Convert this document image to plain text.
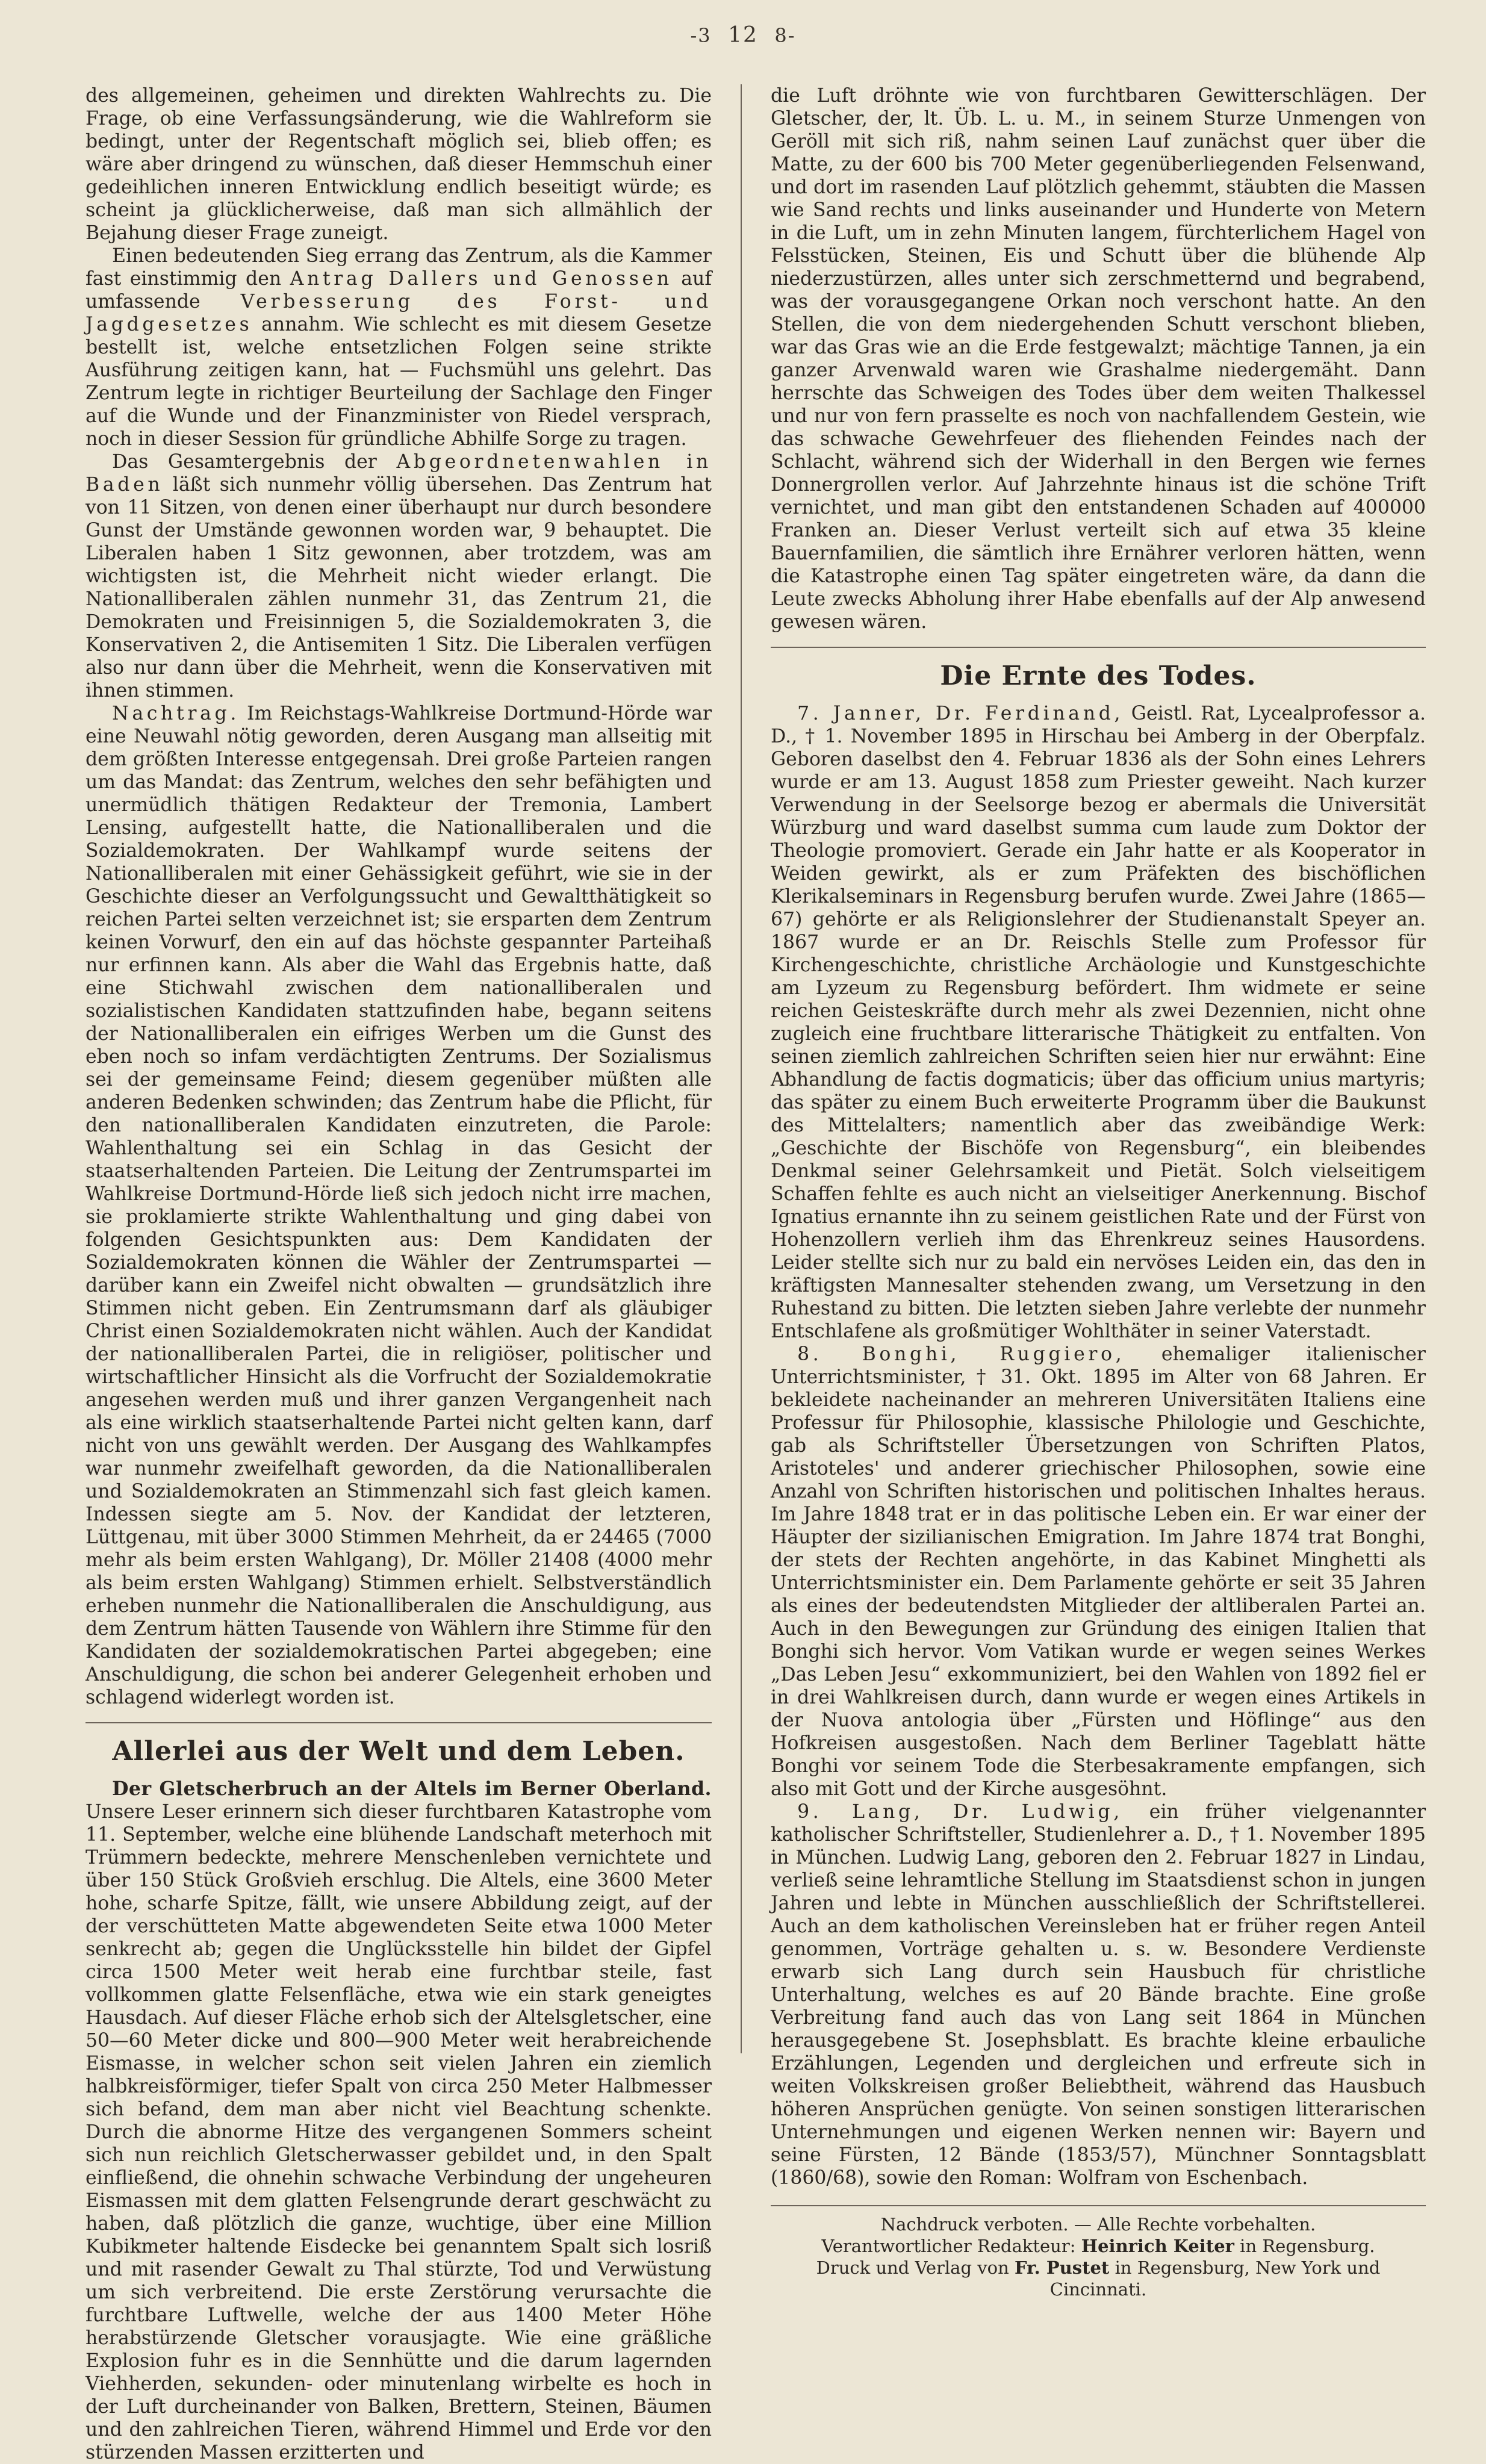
-3 12 8-

des allgemeinen, geheimen und direkten Wahlrechts zu. Die Frage, ob eine Verfassungsänderung, wie die Wahlreform sie bedingt, unter der Regentschaft möglich sei, blieb offen; es wäre aber dringend zu wünschen, daß dieser Hemmschuh einer gedeihlichen inneren Entwicklung endlich beseitigt würde; es scheint ja glücklicherweise, daß man sich allmählich der Bejahung dieser Frage zuneigt.

Einen bedeutenden Sieg errang das Zentrum, als die Kammer fast einstimmig den Antrag Dallers und Genossen auf umfassende Verbesserung des Forst- und Jagdgesetzes annahm. Wie schlecht es mit diesem Gesetze bestellt ist, welche entsetzlichen Folgen seine strikte Ausführung zeitigen kann, hat — Fuchsmühl uns gelehrt. Das Zentrum legte in richtiger Beurteilung der Sachlage den Finger auf die Wunde und der Finanzminister von Riedel versprach, noch in dieser Session für gründliche Abhilfe Sorge zu tragen.

Das Gesamtergebnis der Abgeordnetenwahlen in Baden läßt sich nunmehr völlig übersehen. Das Zentrum hat von 11 Sitzen, von denen einer überhaupt nur durch besondere Gunst der Umstände gewonnen worden war, 9 behauptet. Die Liberalen haben 1 Sitz gewonnen, aber trotzdem, was am wichtigsten ist, die Mehrheit nicht wieder erlangt. Die Nationalliberalen zählen nunmehr 31, das Zentrum 21, die Demokraten und Freisinnigen 5, die Sozialdemokraten 3, die Konservativen 2, die Antisemiten 1 Sitz. Die Liberalen verfügen also nur dann über die Mehrheit, wenn die Konservativen mit ihnen stimmen.

Nachtrag. Im Reichstags-Wahlkreise Dortmund-Hörde war eine Neuwahl nötig geworden, deren Ausgang man allseitig mit dem größten Interesse entgegensah. Drei große Parteien rangen um das Mandat: das Zentrum, welches den sehr befähigten und unermüdlich thätigen Redakteur der Tremonia, Lambert Lensing, aufgestellt hatte, die Nationalliberalen und die Sozialdemokraten. Der Wahlkampf wurde seitens der Nationalliberalen mit einer Gehässigkeit geführt, wie sie in der Geschichte dieser an Verfolgungssucht und Gewaltthätigkeit so reichen Partei selten verzeichnet ist; sie ersparten dem Zentrum keinen Vorwurf, den ein auf das höchste gespannter Parteihaß nur erfinnen kann. Als aber die Wahl das Ergebnis hatte, daß eine Stichwahl zwischen dem nationalliberalen und sozialistischen Kandidaten stattzufinden habe, begann seitens der Nationalliberalen ein eifriges Werben um die Gunst des eben noch so infam verdächtigten Zentrums. Der Sozialismus sei der gemeinsame Feind; diesem gegenüber müßten alle anderen Bedenken schwinden; das Zentrum habe die Pflicht, für den nationalliberalen Kandidaten einzutreten, die Parole: Wahlenthaltung sei ein Schlag in das Gesicht der staatserhaltenden Parteien. Die Leitung der Zentrumspartei im Wahlkreise Dortmund-Hörde ließ sich jedoch nicht irre machen, sie proklamierte strikte Wahlenthaltung und ging dabei von folgenden Gesichtspunkten aus: Dem Kandidaten der Sozialdemokraten können die Wähler der Zentrumspartei — darüber kann ein Zweifel nicht obwalten — grundsätzlich ihre Stimmen nicht geben. Ein Zentrumsmann darf als gläubiger Christ einen Sozialdemokraten nicht wählen. Auch der Kandidat der nationalliberalen Partei, die in religiöser, politischer und wirtschaftlicher Hinsicht als die Vorfrucht der Sozialdemokratie angesehen werden muß und ihrer ganzen Vergangenheit nach als eine wirklich staatserhaltende Partei nicht gelten kann, darf nicht von uns gewählt werden. Der Ausgang des Wahlkampfes war nunmehr zweifelhaft geworden, da die Nationalliberalen und Sozialdemokraten an Stimmenzahl sich fast gleich kamen. Indessen siegte am 5. Nov. der Kandidat der letzteren, Lüttgenau, mit über 3000 Stimmen Mehrheit, da er 24465 (7000 mehr als beim ersten Wahlgang), Dr. Möller 21408 (4000 mehr als beim ersten Wahlgang) Stimmen erhielt. Selbstverständlich erheben nunmehr die Nationalliberalen die Anschuldigung, aus dem Zentrum hätten Tausende von Wählern ihre Stimme für den Kandidaten der sozialdemokratischen Partei abgegeben; eine Anschuldigung, die schon bei anderer Gelegenheit erhoben und schlagend widerlegt worden ist.

Allerlei aus der Welt und dem Leben.

Der Gletscherbruch an der Altels im Berner Oberland. Unsere Leser erinnern sich dieser furchtbaren Katastrophe vom 11. September, welche eine blühende Landschaft meterhoch mit Trümmern bedeckte, mehrere Menschenleben vernichtete und über 150 Stück Großvieh erschlug. Die Altels, eine 3600 Meter hohe, scharfe Spitze, fällt, wie unsere Abbildung zeigt, auf der der verschütteten Matte abgewendeten Seite etwa 1000 Meter senkrecht ab; gegen die Unglücksstelle hin bildet der Gipfel circa 1500 Meter weit herab eine furchtbar steile, fast vollkommen glatte Felsenfläche, etwa wie ein stark geneigtes Hausdach. Auf dieser Fläche erhob sich der Altelsgletscher, eine 50—60 Meter dicke und 800—900 Meter weit herabreichende Eismasse, in welcher schon seit vielen Jahren ein ziemlich halbkreisförmiger, tiefer Spalt von circa 250 Meter Halbmesser sich befand, dem man aber nicht viel Beachtung schenkte. Durch die abnorme Hitze des vergangenen Sommers scheint sich nun reichlich Gletscherwasser gebildet und, in den Spalt einfließend, die ohnehin schwache Verbindung der ungeheuren Eismassen mit dem glatten Felsengrunde derart geschwächt zu haben, daß plötzlich die ganze, wuchtige, über eine Million Kubikmeter haltende Eisdecke bei genanntem Spalt sich losriß und mit rasender Gewalt zu Thal stürzte, Tod und Verwüstung um sich verbreitend. Die erste Zerstörung verursachte die furchtbare Luftwelle, welche der aus 1400 Meter Höhe herabstürzende Gletscher vorausjagte. Wie eine gräßliche Explosion fuhr es in die Sennhütte und die darum lagernden Viehherden, sekunden- oder minutenlang wirbelte es hoch in der Luft durcheinander von Balken, Brettern, Steinen, Bäumen und den zahlreichen Tieren, während Himmel und Erde vor den stürzenden Massen erzitterten und

die Luft dröhnte wie von furchtbaren Gewitterschlägen. Der Gletscher, der, lt. Üb. L. u. M., in seinem Sturze Unmengen von Geröll mit sich riß, nahm seinen Lauf zunächst quer über die Matte, zu der 600 bis 700 Meter gegenüberliegenden Felsenwand, und dort im rasenden Lauf plötzlich gehemmt, stäubten die Massen wie Sand rechts und links auseinander und Hunderte von Metern in die Luft, um in zehn Minuten langem, fürchterlichem Hagel von Felsstücken, Steinen, Eis und Schutt über die blühende Alp niederzustürzen, alles unter sich zerschmetternd und begrabend, was der vorausgegangene Orkan noch verschont hatte. An den Stellen, die von dem niedergehenden Schutt verschont blieben, war das Gras wie an die Erde festgewalzt; mächtige Tannen, ja ein ganzer Arvenwald waren wie Grashalme niedergemäht. Dann herrschte das Schweigen des Todes über dem weiten Thalkessel und nur von fern prasselte es noch von nachfallendem Gestein, wie das schwache Gewehrfeuer des fliehenden Feindes nach der Schlacht, während sich der Widerhall in den Bergen wie fernes Donnergrollen verlor. Auf Jahrzehnte hinaus ist die schöne Trift vernichtet, und man gibt den entstandenen Schaden auf 400000 Franken an. Dieser Verlust verteilt sich auf etwa 35 kleine Bauernfamilien, die sämtlich ihre Ernährer verloren hätten, wenn die Katastrophe einen Tag später eingetreten wäre, da dann die Leute zwecks Abholung ihrer Habe ebenfalls auf der Alp anwesend gewesen wären.

Die Ernte des Todes.

7. Janner, Dr. Ferdinand, Geistl. Rat, Lycealprofessor a. D., † 1. November 1895 in Hirschau bei Amberg in der Oberpfalz. Geboren daselbst den 4. Februar 1836 als der Sohn eines Lehrers wurde er am 13. August 1858 zum Priester geweiht. Nach kurzer Verwendung in der Seelsorge bezog er abermals die Universität Würzburg und ward daselbst summa cum laude zum Doktor der Theologie promoviert. Gerade ein Jahr hatte er als Kooperator in Weiden gewirkt, als er zum Präfekten des bischöflichen Klerikalseminars in Regensburg berufen wurde. Zwei Jahre (1865—67) gehörte er als Religionslehrer der Studienanstalt Speyer an. 1867 wurde er an Dr. Reischls Stelle zum Professor für Kirchengeschichte, christliche Archäologie und Kunstgeschichte am Lyzeum zu Regensburg befördert. Ihm widmete er seine reichen Geisteskräfte durch mehr als zwei Dezennien, nicht ohne zugleich eine fruchtbare litterarische Thätigkeit zu entfalten. Von seinen ziemlich zahlreichen Schriften seien hier nur erwähnt: Eine Abhandlung de factis dogmaticis; über das officium unius martyris; das später zu einem Buch erweiterte Programm über die Baukunst des Mittelalters; namentlich aber das zweibändige Werk: „Geschichte der Bischöfe von Regensburg“, ein bleibendes Denkmal seiner Gelehrsamkeit und Pietät. Solch vielseitigem Schaffen fehlte es auch nicht an vielseitiger Anerkennung. Bischof Ignatius ernannte ihn zu seinem geistlichen Rate und der Fürst von Hohenzollern verlieh ihm das Ehrenkreuz seines Hausordens. Leider stellte sich nur zu bald ein nervöses Leiden ein, das den in kräftigsten Mannesalter stehenden zwang, um Versetzung in den Ruhestand zu bitten. Die letzten sieben Jahre verlebte der nunmehr Entschlafene als großmütiger Wohlthäter in seiner Vaterstadt.

8. Bonghi, Ruggiero, ehemaliger italienischer Unterrichtsminister, † 31. Okt. 1895 im Alter von 68 Jahren. Er bekleidete nacheinander an mehreren Universitäten Italiens eine Professur für Philosophie, klassische Philologie und Geschichte, gab als Schriftsteller Übersetzungen von Schriften Platos, Aristoteles' und anderer griechischer Philosophen, sowie eine Anzahl von Schriften historischen und politischen Inhaltes heraus. Im Jahre 1848 trat er in das politische Leben ein. Er war einer der Häupter der sizilianischen Emigration. Im Jahre 1874 trat Bonghi, der stets der Rechten angehörte, in das Kabinet Minghetti als Unterrichtsminister ein. Dem Parlamente gehörte er seit 35 Jahren als eines der bedeutendsten Mitglieder der altliberalen Partei an. Auch in den Bewegungen zur Gründung des einigen Italien that Bonghi sich hervor. Vom Vatikan wurde er wegen seines Werkes „Das Leben Jesu“ exkommuniziert, bei den Wahlen von 1892 fiel er in drei Wahlkreisen durch, dann wurde er wegen eines Artikels in der Nuova antologia über „Fürsten und Höflinge“ aus den Hofkreisen ausgestoßen. Nach dem Berliner Tageblatt hätte Bonghi vor seinem Tode die Sterbesakramente empfangen, sich also mit Gott und der Kirche ausgesöhnt.

9. Lang, Dr. Ludwig, ein früher vielgenannter katholischer Schriftsteller, Studienlehrer a. D., † 1. November 1895 in München. Ludwig Lang, geboren den 2. Februar 1827 in Lindau, verließ seine lehramtliche Stellung im Staatsdienst schon in jungen Jahren und lebte in München ausschließlich der Schriftstellerei. Auch an dem katholischen Vereinsleben hat er früher regen Anteil genommen, Vorträge gehalten u. s. w. Besondere Verdienste erwarb sich Lang durch sein Hausbuch für christliche Unterhaltung, welches es auf 20 Bände brachte. Eine große Verbreitung fand auch das von Lang seit 1864 in München herausgegebene St. Josephsblatt. Es brachte kleine erbauliche Erzählungen, Legenden und dergleichen und erfreute sich in weiten Volkskreisen großer Beliebtheit, während das Hausbuch höheren Ansprüchen genügte. Von seinen sonstigen litterarischen Unternehmungen und eigenen Werken nennen wir: Bayern und seine Fürsten, 12 Bände (1853/57), Münchner Sonntagsblatt (1860/68), sowie den Roman: Wolfram von Eschenbach.

Nachdruck verboten. — Alle Rechte vorbehalten.
Verantwortlicher Redakteur: Heinrich Keiter in Regensburg.
Druck und Verlag von Fr. Pustet in Regensburg, New York und Cincinnati.
